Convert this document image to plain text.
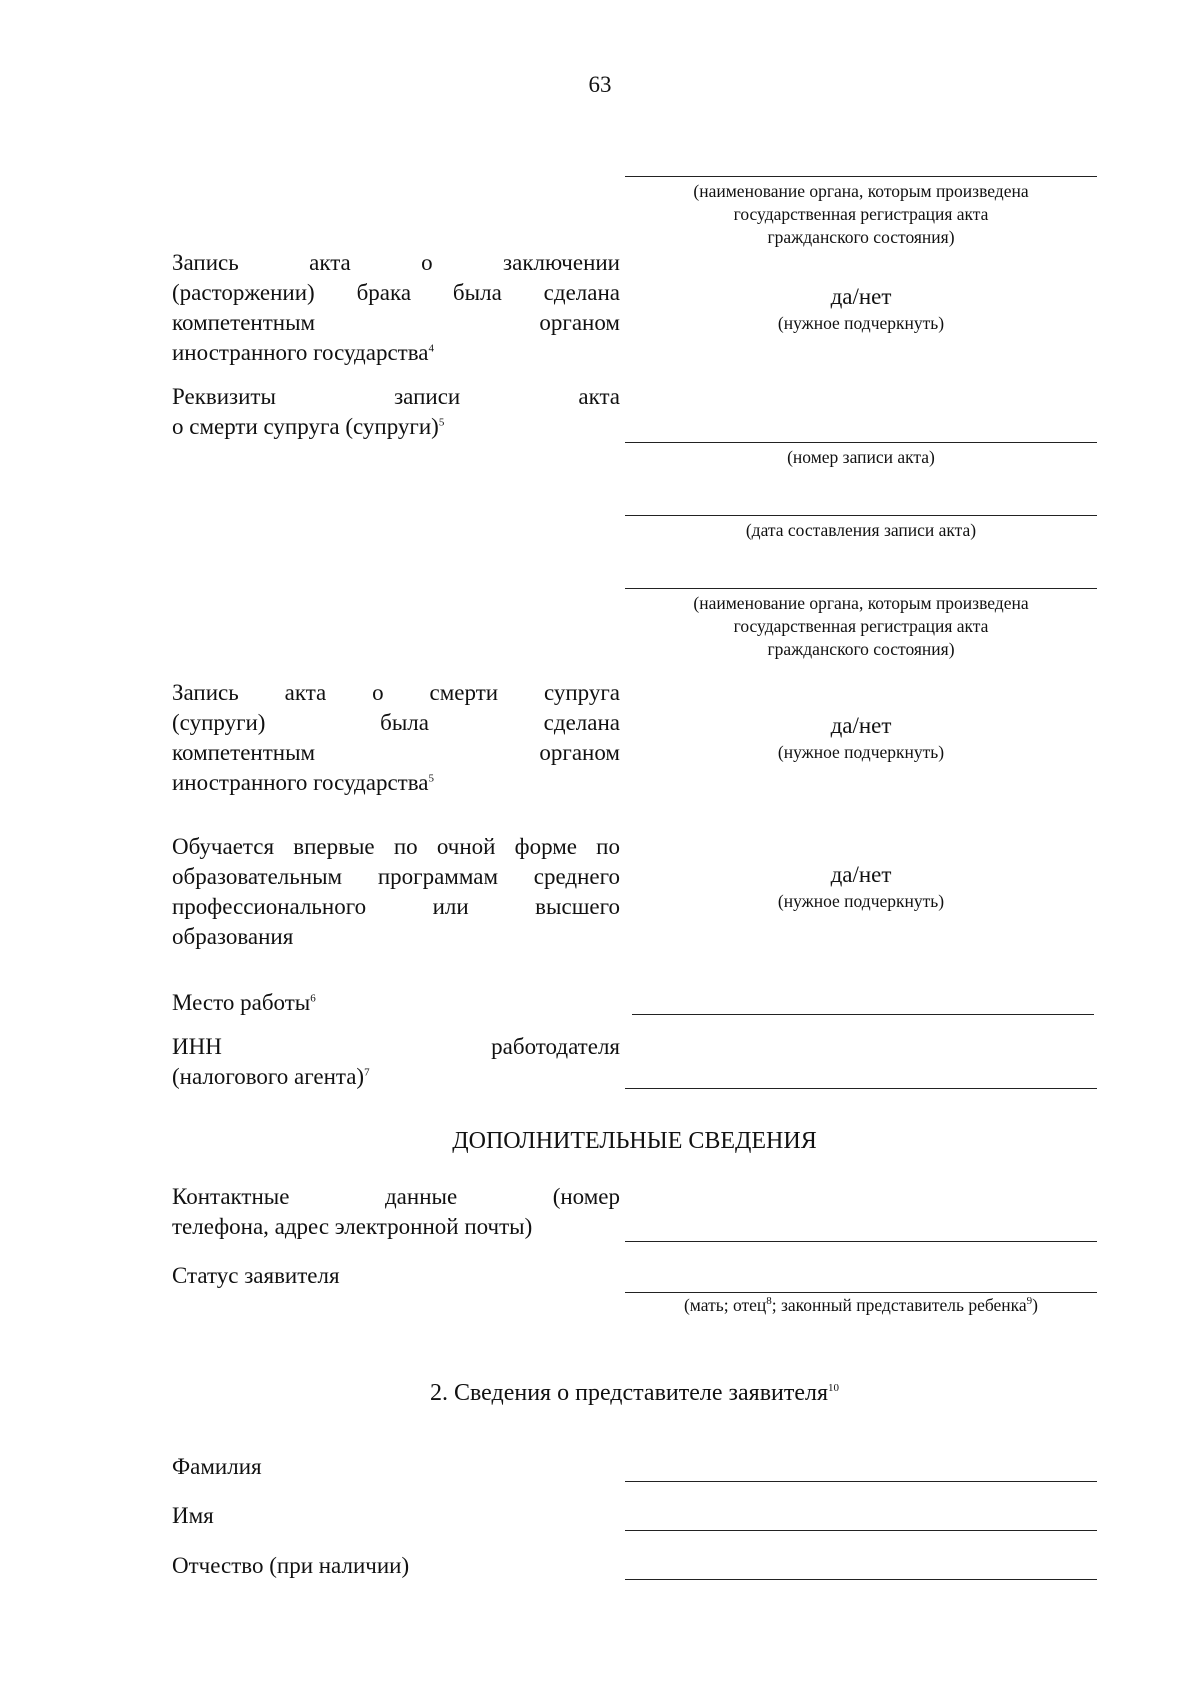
63
(наименование органа, которым произведена
государственная регистрация акта
гражданского состояния)
Запись акта о заключении
(расторжении) брака была сделана
компетентным органом
иностранного государства$^4$
да/нет
(нужное подчеркнуть)
Реквизиты записи акта
о смерти супруга (супруги)$^5$
(номер записи акта)
(дата составления записи акта)
(наименование органа, которым произведена
государственная регистрация акта
гражданского состояния)
Запись акта о смерти супруга
(супруги) была сделана
компетентным органом
иностранного государства$^5$
да/нет
(нужное подчеркнуть)
Обучается впервые по очной форме по
образовательным программам среднего
профессионального или высшего
образования
да/нет
(нужное подчеркнуть)
Место работы$^6$
ИНН работодателя
(налогового агента)$^7$
ДОПОЛНИТЕЛЬНЫЕ СВЕДЕНИЯ
Контактные данные (номер
телефона, адрес электронной почты)
Статус заявителя
(мать; отец$^8$; законный представитель ребенка$^9$)
2. Сведения о представителе заявителя$^{10}$
Фамилия
Имя
Отчество (при наличии)
